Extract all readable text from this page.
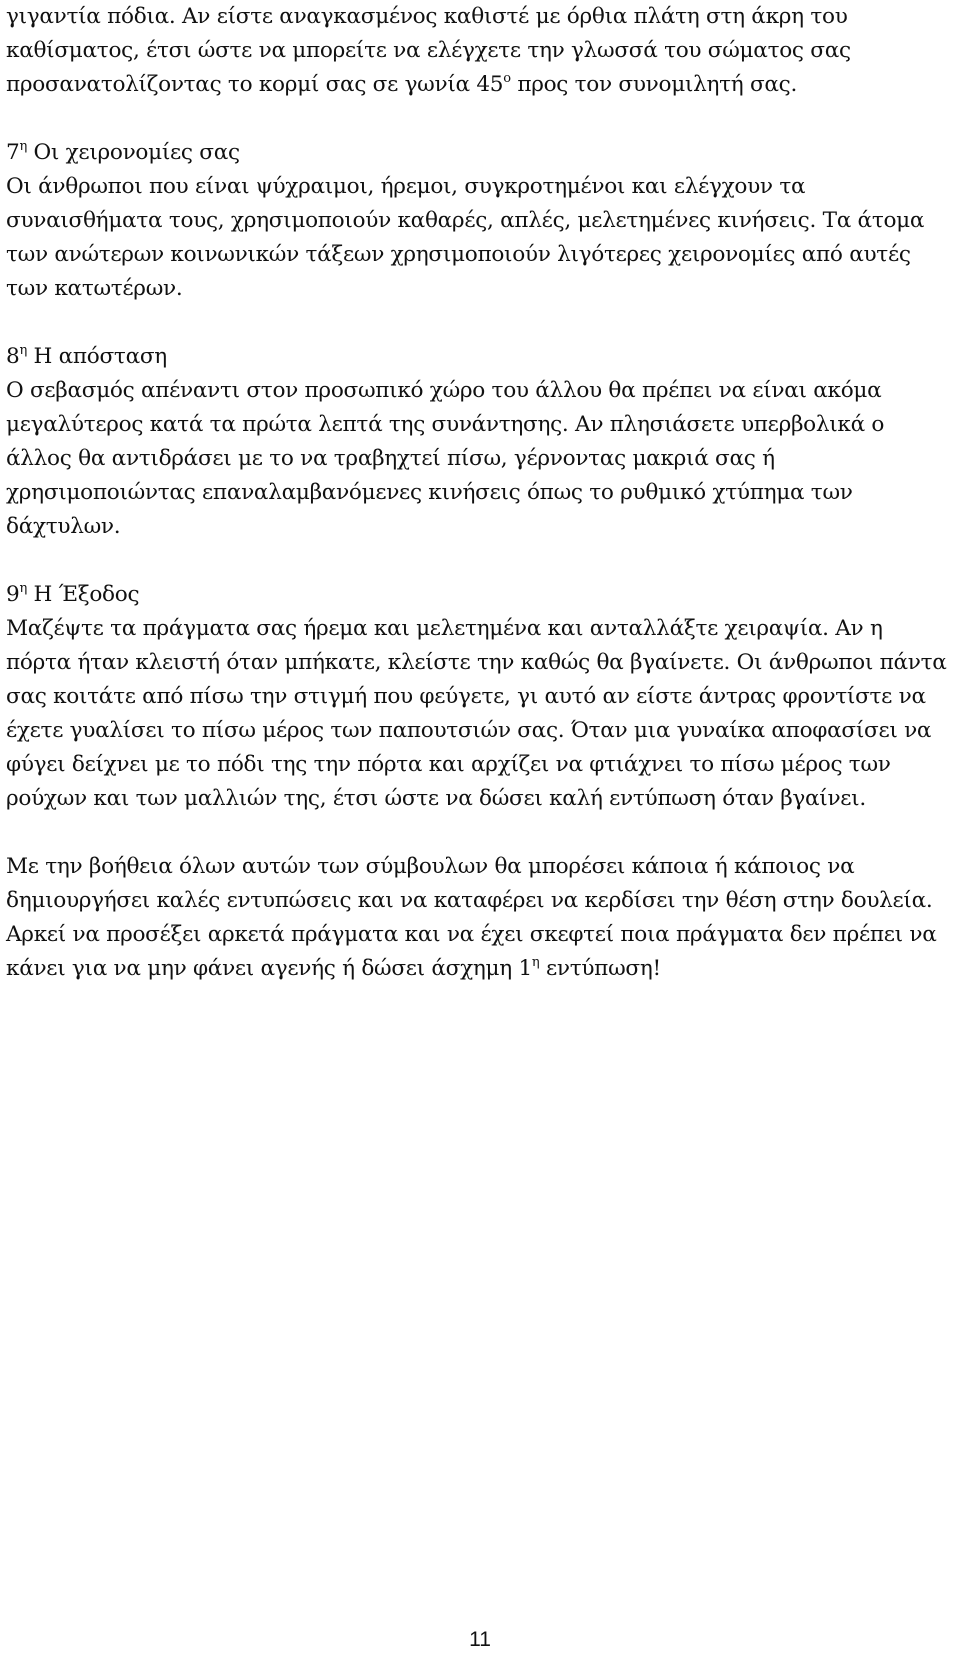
γιγαντία πόδια. Αν είστε αναγκασμένος καθιστέ με όρθια πλάτη στη άκρη του καθίσματος, έτσι ώστε να μπορείτε να ελέγχετε την γλωσσά του σώματος σας προσανατολίζοντας το κορμί σας σε γωνία $45^o$ προς τον συνομιλητή σας.

$7^\eta$ Οι χειρονομίες σας

Οι άνθρωποι που είναι ψύχραιμοι, ήρεμοι, συγκροτημένοι και ελέγχουν τα συναισθήματα τους, χρησιμοποιούν καθαρές, απλές, μελετημένες κινήσεις. Τα άτομα των ανώτερων κοινωνικών τάξεων χρησιμοποιούν λιγότερες χειρονομίες από αυτές των κατωτέρων.

$8^\eta$ Η απόσταση

Ο σεβασμός απέναντι στον προσωπικό χώρο του άλλου θα πρέπει να είναι ακόμα μεγαλύτερος κατά τα πρώτα λεπτά της συνάντησης. Αν πλησιάσετε υπερβολικά ο άλλος θα αντιδράσει με το να τραβηχτεί πίσω, γέρνοντας μακριά σας ή χρησιμοποιώντας επαναλαμβανόμενες κινήσεις όπως το ρυθμικό χτύπημα των δάχτυλων.

$9^\eta$ Η Έξοδος

Μαζέψτε τα πράγματα σας ήρεμα και μελετημένα και ανταλλάξτε χειραψία. Αν η πόρτα ήταν κλειστή όταν μπήκατε, κλείστε την καθώς θα βγαίνετε. Οι άνθρωποι πάντα σας κοιτάτε από πίσω την στιγμή που φεύγετε, γι αυτό αν είστε άντρας φροντίστε να έχετε γυαλίσει το πίσω μέρος των παπουτσιών σας. Όταν μια γυναίκα αποφασίσει να φύγει δείχνει με το πόδι της την πόρτα και αρχίζει να φτιάχνει το πίσω μέρος των ρούχων και των μαλλιών της, έτσι ώστε να δώσει καλή εντύπωση όταν βγαίνει.

Με την βοήθεια όλων αυτών των σύμβουλων θα μπορέσει κάποια ή κάποιος να δημιουργήσει καλές εντυπώσεις και να καταφέρει να κερδίσει την θέση στην δουλεία. Αρκεί να προσέξει αρκετά πράγματα και να έχει σκεφτεί ποια πράγματα δεν πρέπει να κάνει για να μην φάνει αγενής ή δώσει άσχημη $1^\eta$ εντύπωση!

11
